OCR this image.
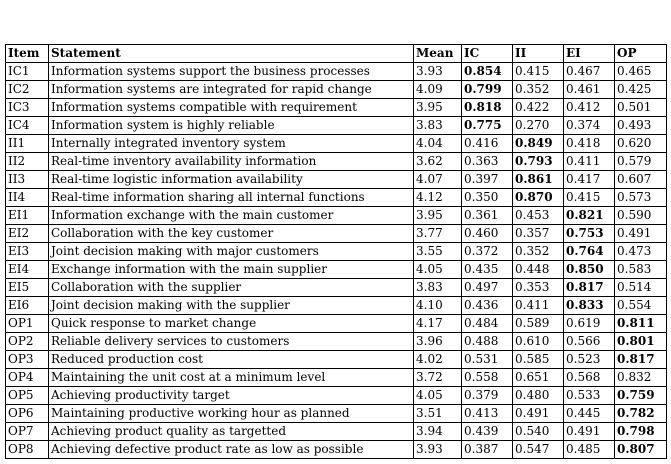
Item	Statement	Mean	IC	II	EI	OP
IC1	Information systems support the business processes	3.93	0.854	0.415	0.467	0.465
IC2	Information systems are integrated for rapid change	4.09	0.799	0.352	0.461	0.425
IC3	Information systems compatible with requirement	3.95	0.818	0.422	0.412	0.501
IC4	Information system is highly reliable	3.83	0.775	0.270	0.374	0.493
II1	Internally integrated inventory system	4.04	0.416	0.849	0.418	0.620
II2	Real-time inventory availability information	3.62	0.363	0.793	0.411	0.579
II3	Real-time logistic information availability	4.07	0.397	0.861	0.417	0.607
II4	Real-time information sharing all internal functions	4.12	0.350	0.870	0.415	0.573
EI1	Information exchange with the main customer	3.95	0.361	0.453	0.821	0.590
EI2	Collaboration with the key customer	3.77	0.460	0.357	0.753	0.491
EI3	Joint decision making with major customers	3.55	0.372	0.352	0.764	0.473
EI4	Exchange information with the main supplier	4.05	0.435	0.448	0.850	0.583
EI5	Collaboration with the supplier	3.83	0.497	0.353	0.817	0.514
EI6	Joint decision making with the supplier	4.10	0.436	0.411	0.833	0.554
OP1	Quick response to market change	4.17	0.484	0.589	0.619	0.811
OP2	Reliable delivery services to customers	3.96	0.488	0.610	0.566	0.801
OP3	Reduced production cost	4.02	0.531	0.585	0.523	0.817
OP4	Maintaining the unit cost at a minimum level	3.72	0.558	0.651	0.568	0.832
OP5	Achieving productivity target	4.05	0.379	0.480	0.533	0.759
OP6	Maintaining productive working hour as planned	3.51	0.413	0.491	0.445	0.782
OP7	Achieving product quality as targetted	3.94	0.439	0.540	0.491	0.798
OP8	Achieving defective product rate as low as possible	3.93	0.387	0.547	0.485	0.807
